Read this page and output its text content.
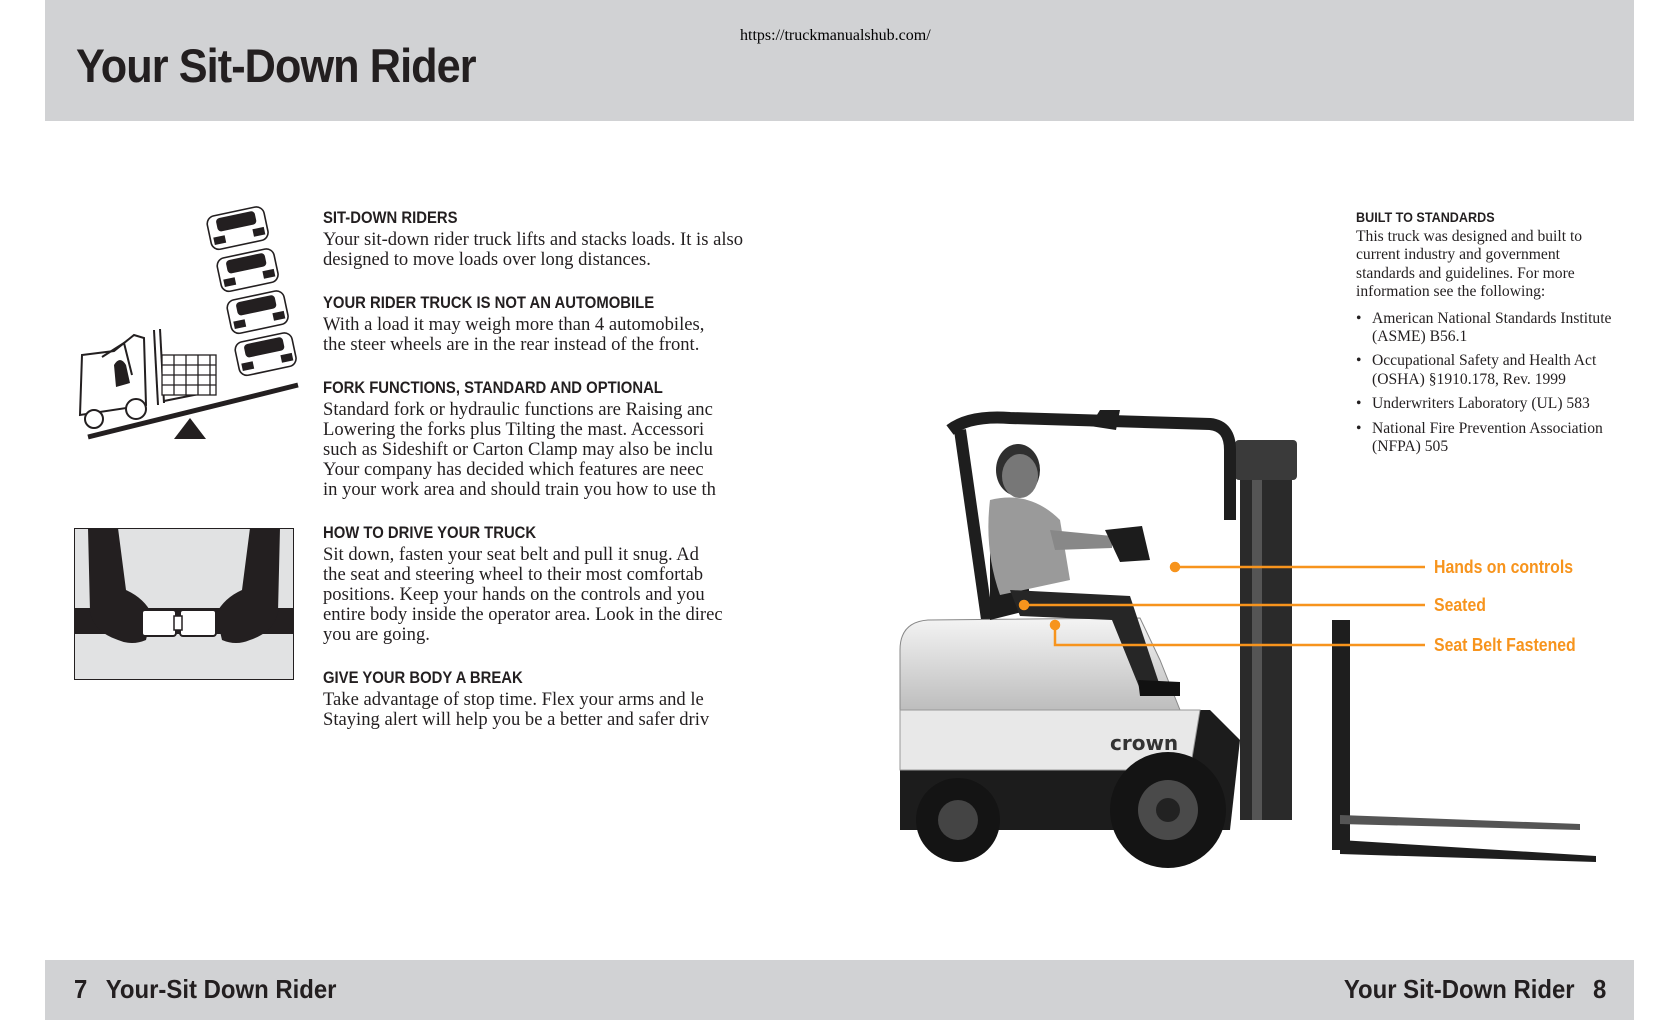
Your Sit-Down Rider
https://truckmanualshub.com/
SIT-DOWN RIDERS
Your sit-down rider truck lifts and stacks loads. It is also
designed to move loads over long distances.
YOUR RIDER TRUCK IS NOT AN AUTOMOBILE
With a load it may weigh more than 4 automobiles,
the steer wheels are in the rear instead of the front.
FORK FUNCTIONS, STANDARD AND OPTIONAL
Standard fork or hydraulic functions are Raising anc
Lowering the forks plus Tilting the mast. Accessori
such as Sideshift or Carton Clamp may also be inclu
Your company has decided which features are neec
in your work area and should train you how to use th
HOW TO DRIVE YOUR TRUCK
Sit down, fasten your seat belt and pull it snug. Ad
the seat and steering wheel to their most comfortab
positions. Keep your hands on the controls and you
entire body inside the operator area. Look in the direc
you are going.
GIVE YOUR BODY A BREAK
Take advantage of stop time. Flex your arms and le
Staying alert will help you be a better and safer driv
crown
Hands on controls
Seated
Seat Belt Fastened
BUILT TO STANDARDS
This truck was designed and built to current industry and government standards and guidelines. For more information see the following:
• American National Standards Institute (ASME) B56.1
• Occupational Safety and Health Act (OSHA) §1910.178, Rev. 1999
• Underwriters Laboratory (UL) 583
• National Fire Prevention Association (NFPA) 505
7 Your-Sit Down Rider	Your Sit-Down Rider 8
